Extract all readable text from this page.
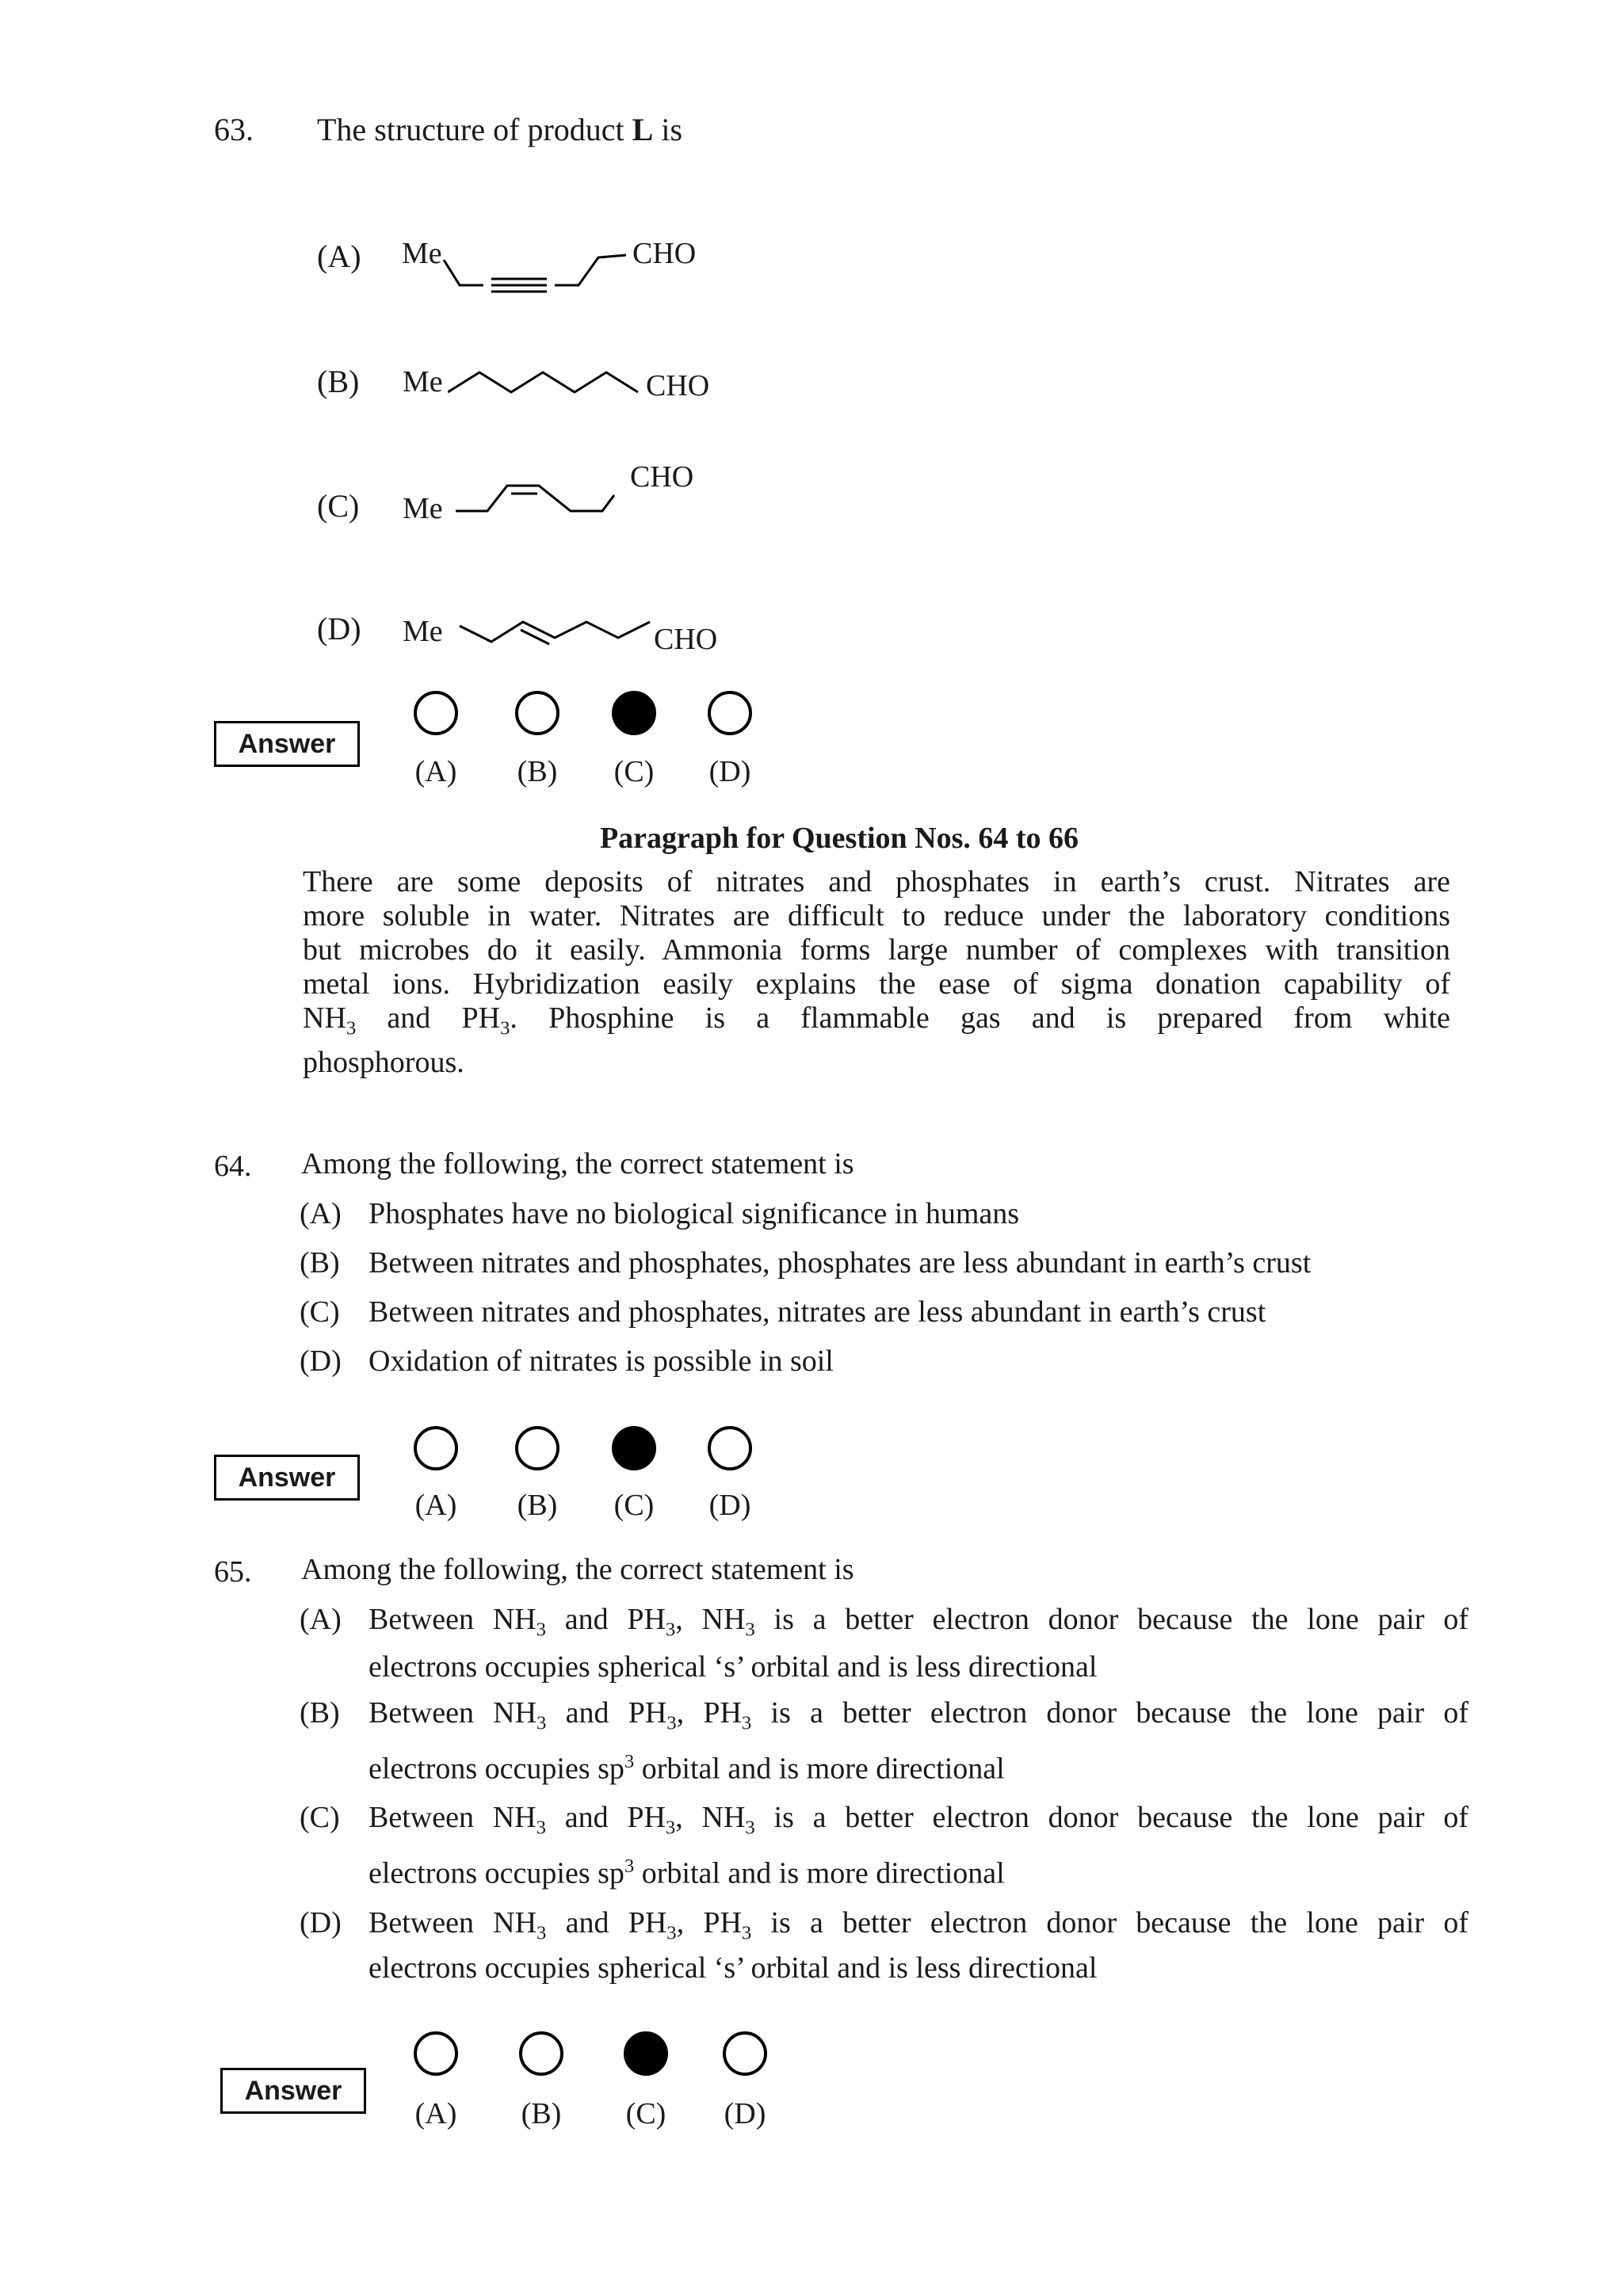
63. The structure of product L is
(A) Me	CHO
(B) Me	CHO
(C) Me
CHO
(D) Me	CHO
Answer
(A)	(B)	(C)	(D)
Paragraph for Question Nos. 64 to 66
There are some deposits of nitrates and phosphates in earth’s crust. Nitrates are
more soluble in water. Nitrates are difficult to reduce under the laboratory conditions
but microbes do it easily. Ammonia forms large number of complexes with transition
metal ions. Hybridization easily explains the ease of sigma donation capability of
$NH_3$ and $PH_3$. Phosphine is a flammable gas and is prepared from white
phosphorous.
64. Among the following, the correct statement is
(A) Phosphates have no biological significance in humans
(B) Between nitrates and phosphates, phosphates are less abundant in earth’s crust
(C) Between nitrates and phosphates, nitrates are less abundant in earth’s crust
(D) Oxidation of nitrates is possible in soil
Answer
(A)	(B)	(C)	(D)
65. Among the following, the correct statement is
(A) Between $NH_3$ and $PH_3$, $NH_3$ is a better electron donor because the lone pair of
electrons occupies spherical ‘s’ orbital and is less directional
(B) Between $NH_3$ and $PH_3$, $PH_3$ is a better electron donor because the lone pair of
electrons occupies $sp^3$ orbital and is more directional
(C) Between $NH_3$ and $PH_3$, $NH_3$ is a better electron donor because the lone pair of
electrons occupies $sp^3$ orbital and is more directional
(D) Between $NH_3$ and $PH_3$, $PH_3$ is a better electron donor because the lone pair of
electrons occupies spherical ‘s’ orbital and is less directional
Answer
(A)	(B)	(C)	(D)
